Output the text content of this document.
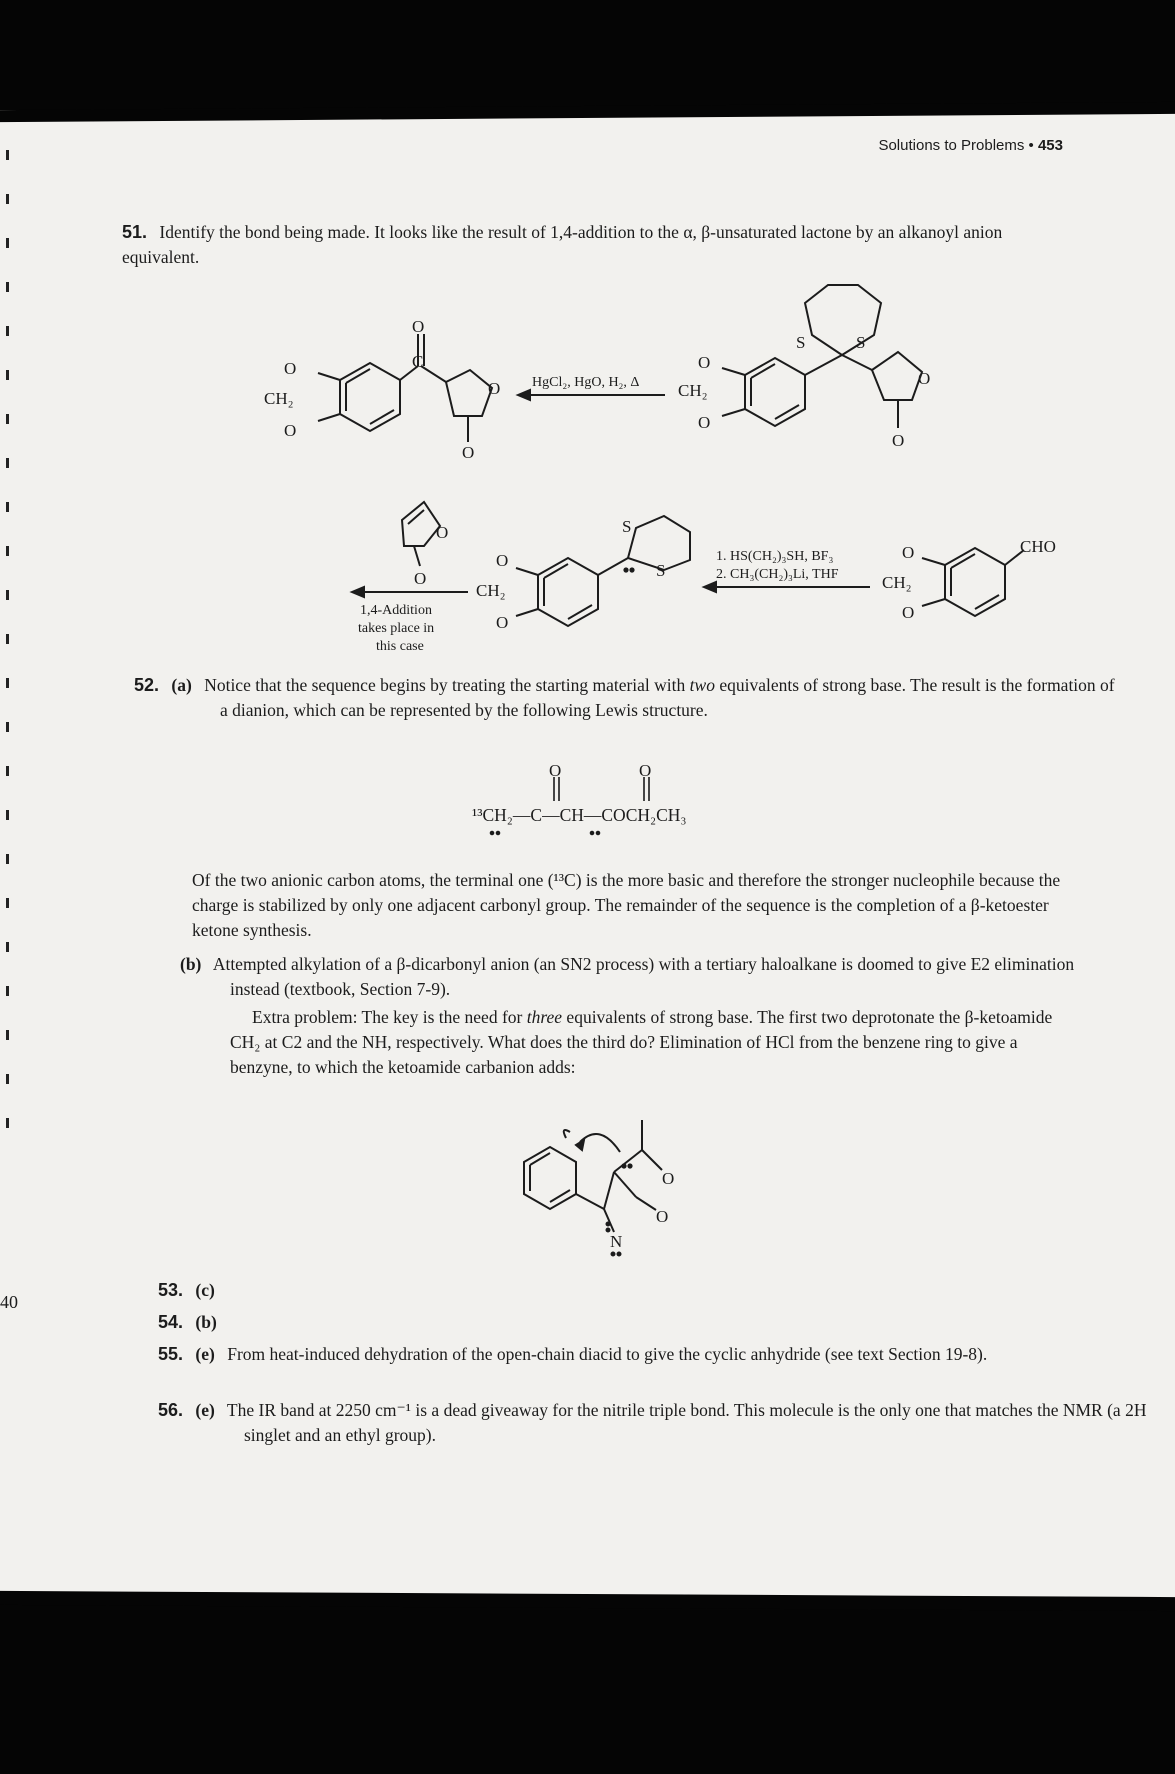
40
Solutions to Problems • 453
51. Identify the bond being made. It looks like the result of 1,4-addition to the α, β-unsaturated lactone by an alkanoyl anion equivalent.
O
C
O
CH₂
O
O
O
HgCl₂, HgO, H₂, Δ
S	S
O
CH₂
O
O
O
O
O
1,4-Addition
takes place in
this case
S
S
O
CH₂
O
1. HS(CH₂)₃SH, BF₃
2. CH₃(CH₂)₃Li, THF
CHO
O
CH₂
O
52. (a) Notice that the sequence begins by treating the starting material with two equivalents of strong base. The result is the formation of a dianion, which can be represented by the following Lewis structure.
O	O
¹³CH₂—C—CH—COCH₂CH₃
Of the two anionic carbon atoms, the terminal one (¹³C) is the more basic and therefore the stronger nucleophile because the charge is stabilized by only one adjacent carbonyl group. The remainder of the sequence is the completion of a β-ketoester ketone synthesis.
(b) Attempted alkylation of a β-dicarbonyl anion (an SN2 process) with a tertiary haloalkane is doomed to give E2 elimination instead (textbook, Section 7-9).
Extra problem: The key is the need for three equivalents of strong base. The first two deprotonate the β-ketoamide CH₂ at C2 and the NH, respectively. What does the third do? Elimination of HCl from the benzene ring to give a benzyne, to which the ketoamide carbanion adds:
O
N
O
53. (c)
54. (b)
55. (e) From heat-induced dehydration of the open-chain diacid to give the cyclic anhydride (see text Section 19-8).
56. (e) The IR band at 2250 cm⁻¹ is a dead giveaway for the nitrile triple bond. This molecule is the only one that matches the NMR (a 2H singlet and an ethyl group).
